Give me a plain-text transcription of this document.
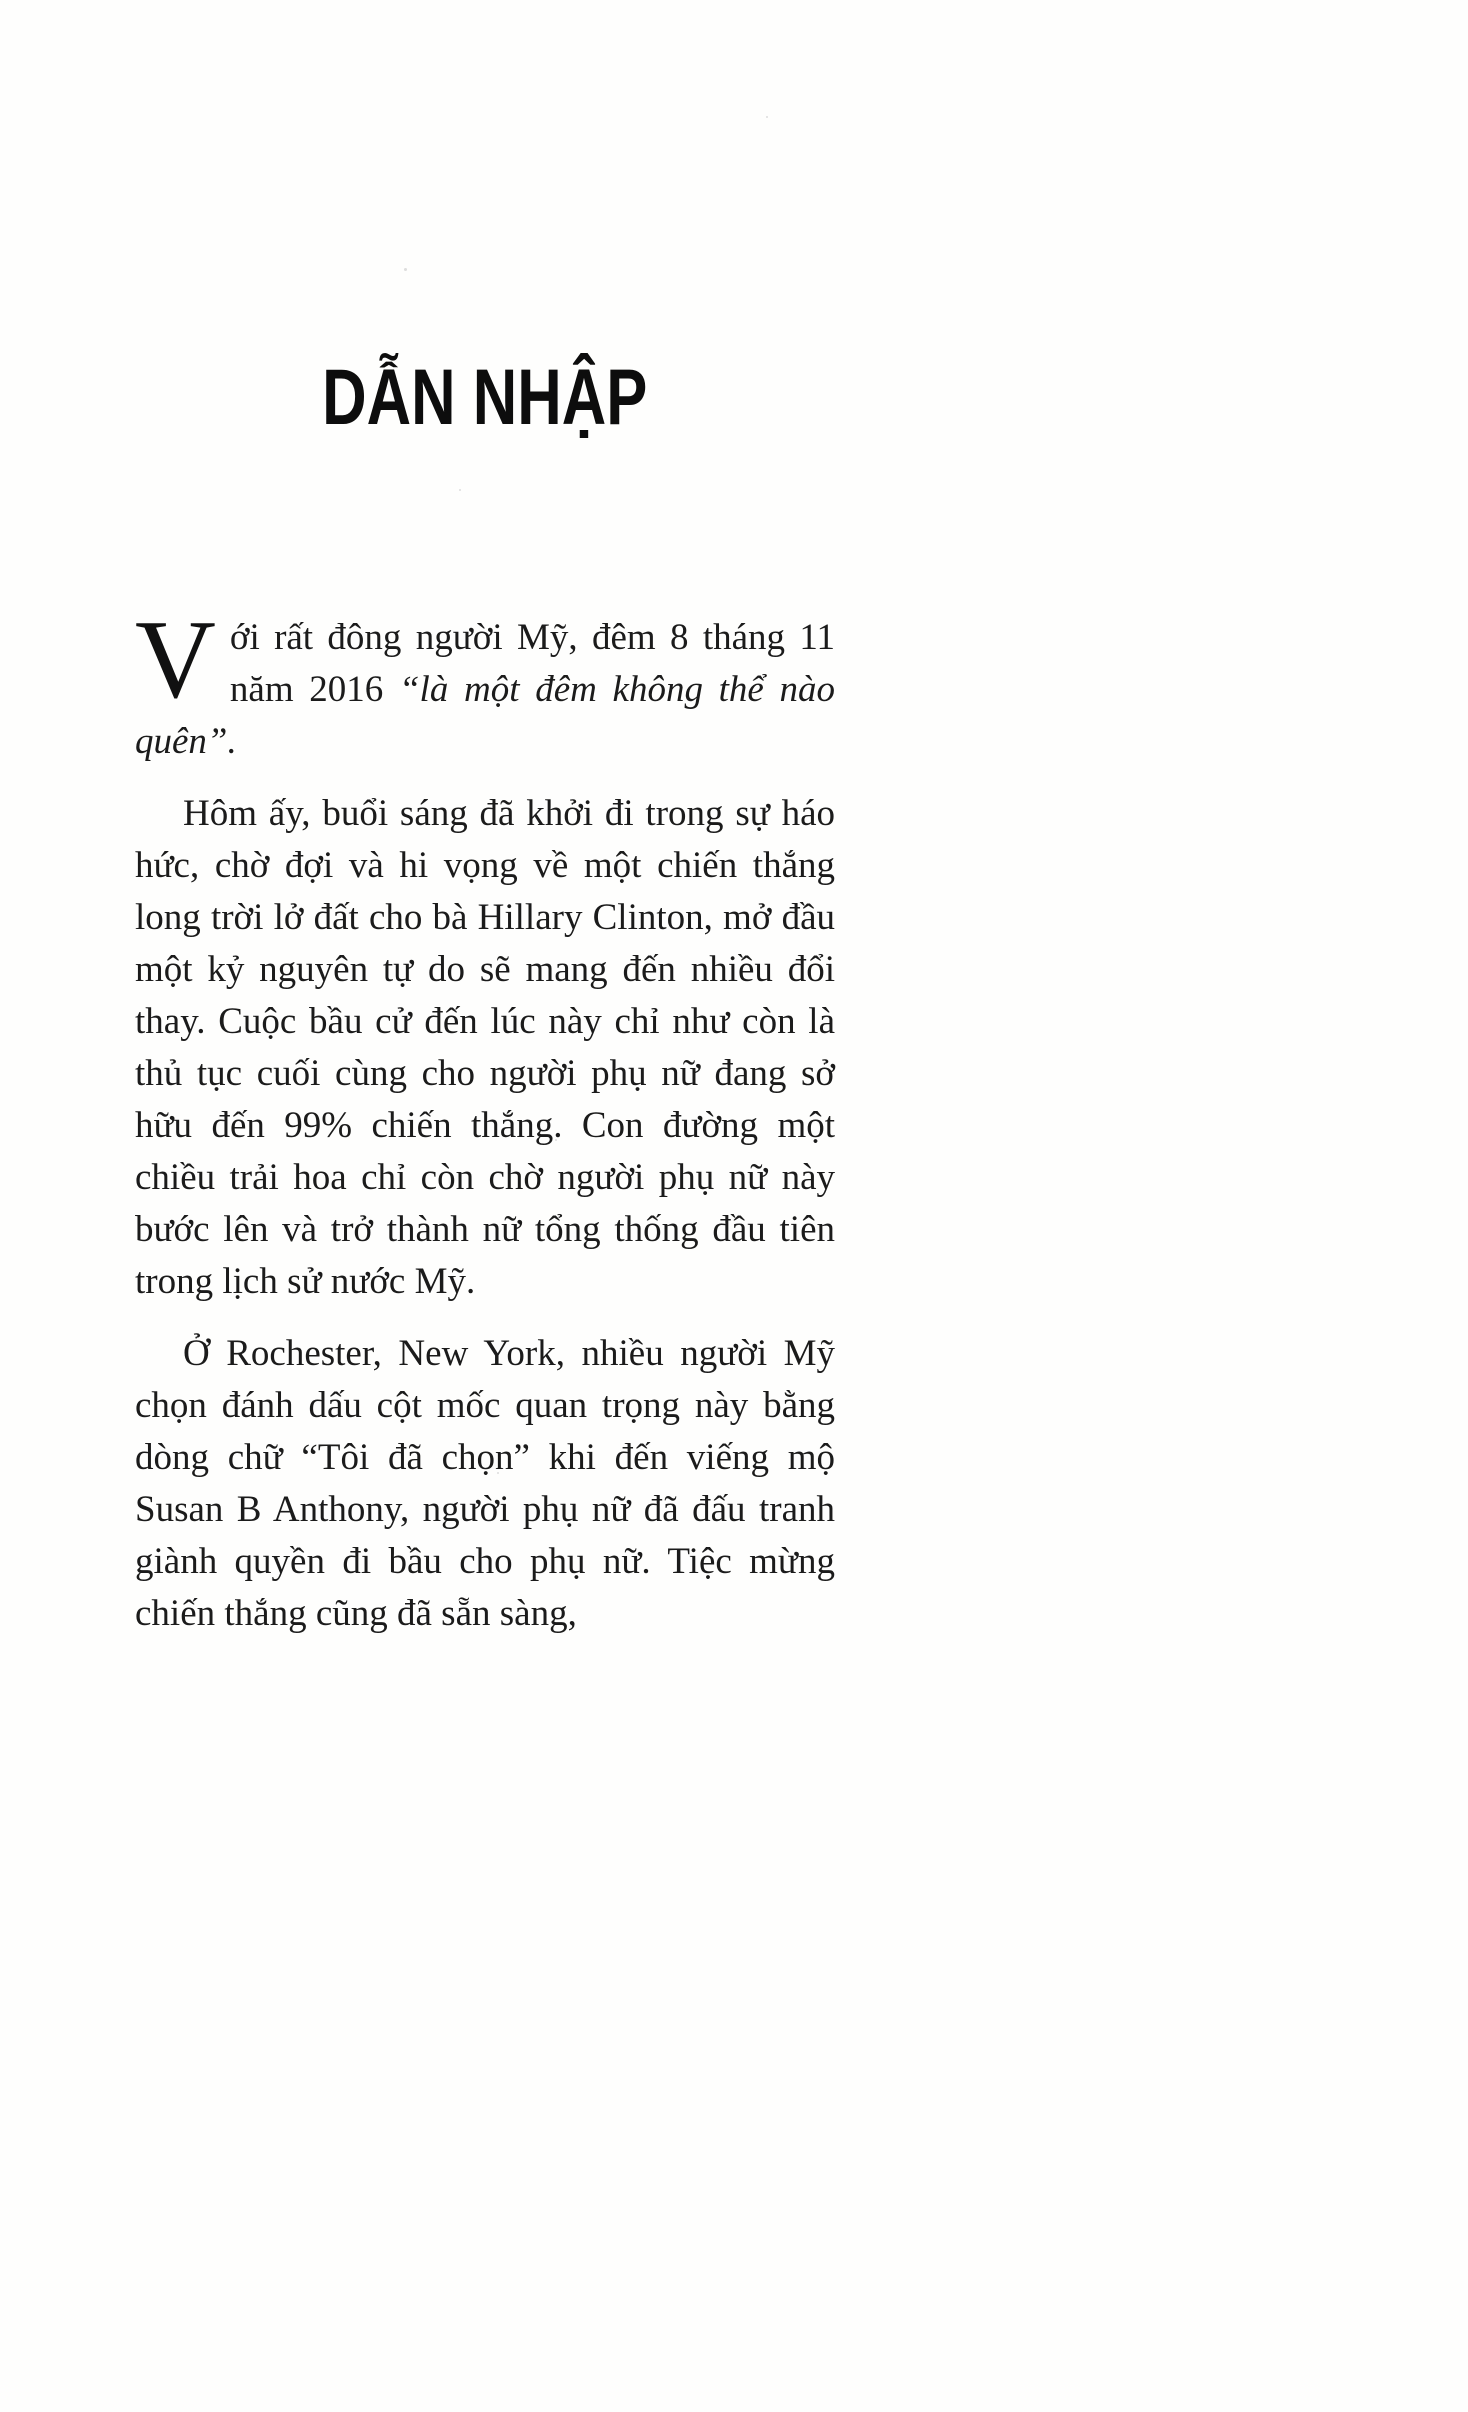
DẪN NHẬP

Với rất đông người Mỹ, đêm 8 tháng 11 năm 2016 “là một đêm không thể nào quên”.

Hôm ấy, buổi sáng đã khởi đi trong sự háo hức, chờ đợi và hi vọng về một chiến thắng long trời lở đất cho bà Hillary Clinton, mở đầu một kỷ nguyên tự do sẽ mang đến nhiều đổi thay. Cuộc bầu cử đến lúc này chỉ như còn là thủ tục cuối cùng cho người phụ nữ đang sở hữu đến 99% chiến thắng. Con đường một chiều trải hoa chỉ còn chờ người phụ nữ này bước lên và trở thành nữ tổng thống đầu tiên trong lịch sử nước Mỹ.

Ở Rochester, New York, nhiều người Mỹ chọn đánh dấu cột mốc quan trọng này bằng dòng chữ “Tôi đã chọn” khi đến viếng mộ Susan B Anthony, người phụ nữ đã đấu tranh giành quyền đi bầu cho phụ nữ. Tiệc mừng chiến thắng cũng đã sẵn sàng,
